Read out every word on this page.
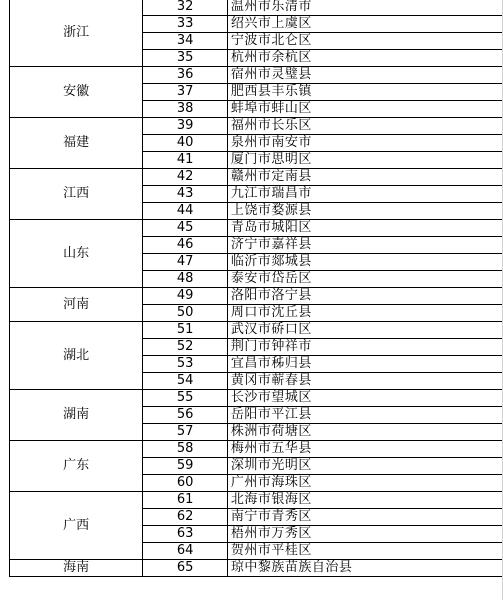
浙江	32	温州市乐清市
	33	绍兴市上虞区
	34	宁波市北仑区
	35	杭州市余杭区
安徽	36	宿州市灵璧县
	37	肥西县丰乐镇
	38	蚌埠市蚌山区
福建	39	福州市长乐区
	40	泉州市南安市
	41	厦门市思明区
江西	42	赣州市定南县
	43	九江市瑞昌市
	44	上饶市婺源县
山东	45	青岛市城阳区
	46	济宁市嘉祥县
	47	临沂市郯城县
	48	泰安市岱岳区
河南	49	洛阳市洛宁县
	50	周口市沈丘县
湖北	51	武汉市硚口区
	52	荆门市钟祥市
	53	宜昌市秭归县
	54	黄冈市蕲春县
湖南	55	长沙市望城区
	56	岳阳市平江县
	57	株洲市荷塘区
广东	58	梅州市五华县
	59	深圳市光明区
	60	广州市海珠区
广西	61	北海市银海区
	62	南宁市青秀区
	63	梧州市万秀区
	64	贺州市平桂区
海南	65	琼中黎族苗族自治县
